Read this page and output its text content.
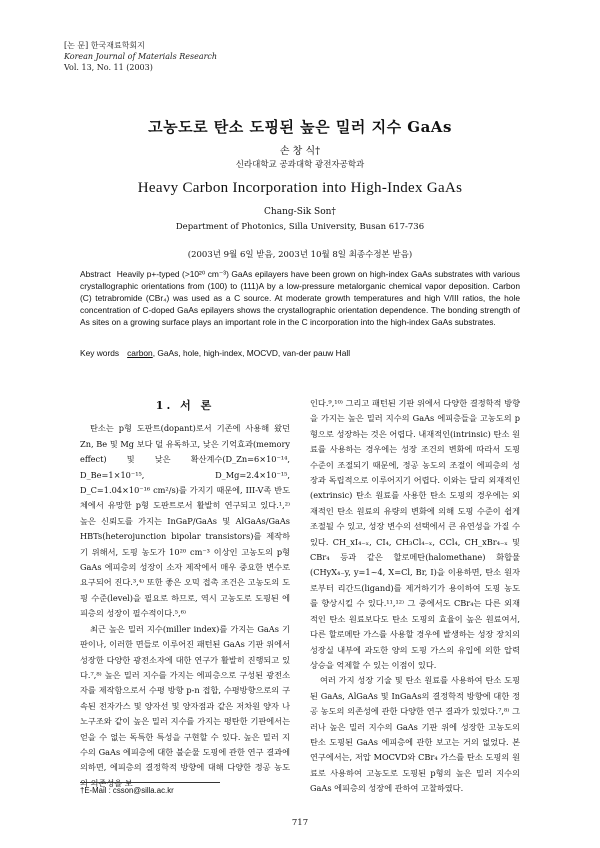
[논 문] 한국재료학회지
Korean Journal of Materials Research
Vol. 13, No. 11 (2003)
고농도로 탄소 도핑된 높은 밀러 지수 GaAs
손 창 식†
신라대학교 공과대학 광전자공학과
Heavy Carbon Incorporation into High-Index GaAs
Chang-Sik Son†
Department of Photonics, Silla University, Busan 617-736
(2003년 9월 6일 받음, 2003년 10월 8일 최종수정본 받음)
Abstract Heavily p+-typed (>10²⁰ cm⁻³) GaAs epilayers have been grown on high-index GaAs substrates with various crystallographic orientations from (100) to (111)A by a low-pressure metalorganic chemical vapor deposition. Carbon (C) tetrabromide (CBr₄) was used as a C source. At moderate growth temperatures and high V/III ratios, the hole concentration of C-doped GaAs epilayers shows the crystallographic orientation dependence. The bonding strength of As sites on a growing surface plays an important role in the C incorporation into the high-index GaAs substrates.
Key words carbon, GaAs, hole, high-index, MOCVD, van-der pauw Hall
1. 서 론

탄소는 p형 도판트(dopant)로서 기존에 사용해 왔던 Zn, Be 및 Mg 보다 덜 유독하고, 낮은 기억효과(memory effect) 및 낮은 확산계수(D_Zn=6×10⁻¹⁴, D_Be=1×10⁻¹⁵, D_Mg=2.4×10⁻¹⁵, D_C=1.04×10⁻¹⁶ cm²/s)를 가지기 때문에, III-V족 반도체에서 유망한 p형 도판트로서 활발히 연구되고 있다.¹,²⁾ 높은 신뢰도를 가지는 InGaP/GaAs 및 AlGaAs/GaAs HBTs(heterojunction bipolar transistors)를 제작하기 위해서, 도핑 농도가 10²⁰ cm⁻³ 이상인 고농도의 p형 GaAs 에피층의 성장이 소자 제작에서 매우 중요한 변수로 요구되어 진다.³,⁴⁾ 또한 좋은 오믹 접촉 조건은 고농도의 도핑 수준(level)을 필요로 하므로, 역시 고농도로 도핑된 에피층의 성장이 필수적이다.⁵,⁶⁾

최근 높은 밀러 지수(miller index)를 가지는 GaAs 기판이나, 이러한 면들로 이루어진 패턴된 GaAs 기판 위에서 성장한 다양한 광전소자에 대한 연구가 활발히 진행되고 있다.⁷,⁸⁾ 높은 밀러 지수를 가지는 에피층으로 구성된 광전소자를 제작함으로서 수평 방향 p-n 접합, 수평방향으로의 구속된 전자가스 및 양자선 및 양자점과 같은 저차원 양자 나노구조와 같이 높은 밀러 지수를 가지는 평탄한 기판에서는 얻을 수 없는 독특한 특성을 구현할 수 있다. 높은 밀러 지수의 GaAs 에피층에 대한 불순물 도핑에 관한 연구 결과에 의하면, 에피층의 결정학적 방향에 대해 다양한 정공 농도의 의존성을 보

인다.⁹,¹⁰⁾ 그리고 패턴된 기판 위에서 다양한 결정학적 방향을 가지는 높은 밀러 지수의 GaAs 에피층들을 고농도의 p형으로 성장하는 것은 어렵다. 내재적인(intrinsic) 탄소 원료를 사용하는 경우에는 성장 조건의 변화에 따라서 도핑 수준이 조절되기 때문에, 정공 농도의 조절이 에피층의 성장과 독립적으로 이루어지기 어렵다. 이와는 달리 외재적인(extrinsic) 탄소 원료를 사용한 탄소 도핑의 경우에는 외재적인 탄소 원료의 유량의 변화에 의해 도핑 수준이 쉽게 조절될 수 있고, 성장 변수의 선택에서 큰 유연성을 가질 수 있다. CH_xI₄₋ₓ, CI₄, CH₃Cl₄₋ₓ, CCl₄, CH_xBr₄₋ₓ 및 CBr₄ 등과 같은 할로메탄(halomethane) 화합물(CHyX₄₋y, y=1~4, X=Cl, Br, I)을 이용하면, 탄소 원자로부터 리간드(ligand)를 제거하기가 용이하여 도핑 농도를 향상시킬 수 있다.¹¹,¹²⁾ 그 중에서도 CBr₄는 다른 외재적인 탄소 원료보다도 탄소 도핑의 효율이 높은 원료여서, 다른 할로메탄 가스를 사용할 경우에 발생하는 성장 장치의 성장실 내부에 과도한 양의 도핑 가스의 유입에 의한 압력 상승을 억제할 수 있는 이점이 있다.

여러 가지 성장 기술 및 탄소 원료를 사용하여 탄소 도핑된 GaAs, AlGaAs 및 InGaAs의 결정학적 방향에 대한 정공 농도의 의존성에 관한 다양한 연구 결과가 있었다.⁷,⁸⁾ 그러나 높은 밀러 지수의 GaAs 기판 위에 성장한 고농도의 탄소 도핑된 GaAs 에피층에 관한 보고는 거의 없었다. 본 연구에서는, 저압 MOCVD와 CBr₄ 가스를 탄소 도핑의 원료로 사용하여 고농도로 도핑된 p형의 높은 밀러 지수의 GaAs 에피층의 성장에 관하여 고찰하였다.

†E-Mail : csson@silla.ac.kr
717
